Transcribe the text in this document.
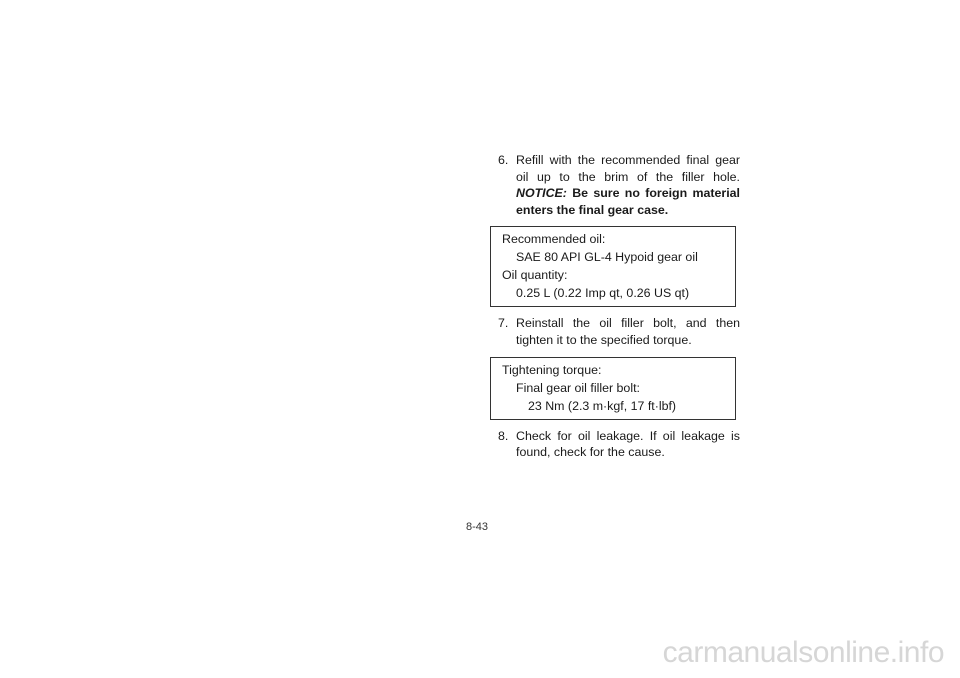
6. Refill with the recommended final gear oil up to the brim of the filler hole. NOTICE: Be sure no foreign material enters the final gear case.
Recommended oil:
SAE 80 API GL-4 Hypoid gear oil
Oil quantity:
0.25 L (0.22 Imp qt, 0.26 US qt)
7. Reinstall the oil filler bolt, and then tighten it to the specified torque.
Tightening torque:
Final gear oil filler bolt:
23 Nm (2.3 m·kgf, 17 ft·lbf)
8. Check for oil leakage. If oil leakage is found, check for the cause.
8-43
carmanualsonline.info
